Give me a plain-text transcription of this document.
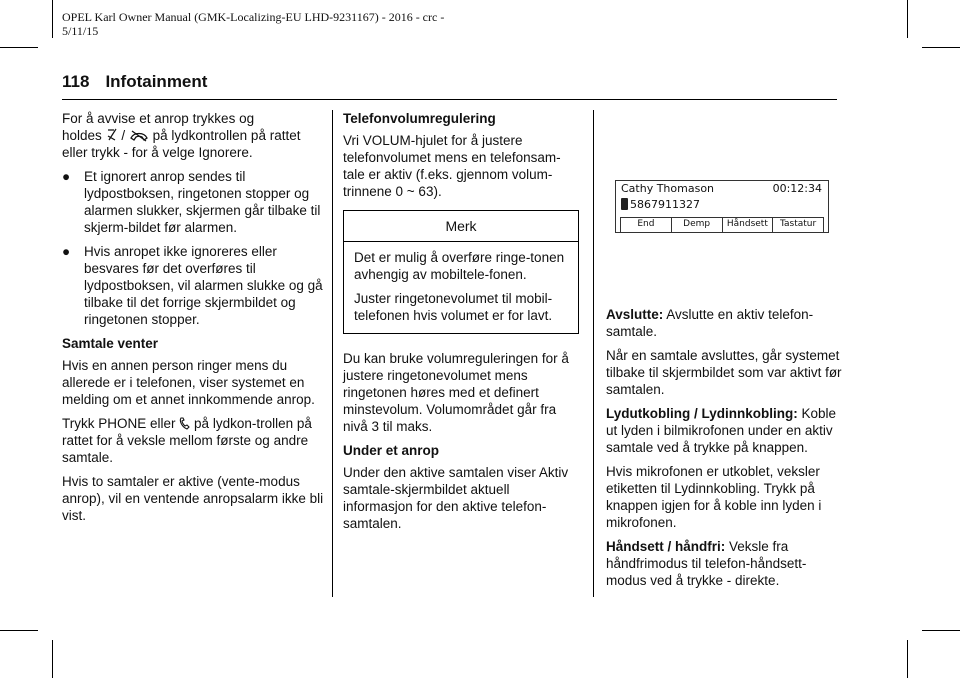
OPEL Karl Owner Manual (GMK-Localizing-EU LHD-9231167) - 2016 - crc -
5/11/15
118 Infotainment

For å avvise et anrop trykkes og
holdes / på lydkontrollen på rattet eller trykk - for å velge Ignorere.

● Et ignorert anrop sendes til lydpostboksen, ringetonen stopper og alarmen slukker, skjermen går tilbake til skjerm-bildet før alarmen.
● Hvis anropet ikke ignoreres eller besvares før det overføres til lydpostboksen, vil alarmen slukke og gå tilbake til det forrige skjermbildet og ringetonen stopper.
Samtale venter

Hvis en annen person ringer mens du allerede er i telefonen, viser systemet en melding om et annet innkommende anrop.

Trykk PHONE eller på lydkon-trollen på rattet for å veksle mellom første og andre samtale.

Hvis to samtaler er aktive (vente-modus anrop), vil en ventende anropsalarm ikke bli vist.

Telefonvolumregulering

Vri VOLUM-hjulet for å justere telefonvolumet mens en telefonsam-tale er aktiv (f.eks. gjennom volum-trinnene 0 ~ 63).

Merk

Det er mulig å overføre ringe-tonen avhengig av mobiltele-fonen.

Juster ringetonevolumet til mobil-telefonen hvis volumet er for lavt.

Du kan bruke volumreguleringen for å justere ringetonevolumet mens ringetonen høres med et definert minstevolum. Volumområdet går fra nivå 3 til maks.

Under et anrop

Under den aktive samtalen viser Aktiv samtale-skjermbildet aktuell informasjon for den aktive telefon-samtalen.

Cathy Thomason	00:12:34
5867911327
End	Demp	Håndsett	Tastatur

Avslutte: Avslutte en aktiv telefon-samtale.

Når en samtale avsluttes, går systemet tilbake til skjermbildet som var aktivt før samtalen.

Lydutkobling / Lydinnkobling: Koble ut lyden i bilmikrofonen under en aktiv samtale ved å trykke på knappen.

Hvis mikrofonen er utkoblet, veksler etiketten til Lydinnkobling. Trykk på knappen igjen for å koble inn lyden i mikrofonen.

Håndsett / håndfri: Veksle fra håndfrimodus til telefon-håndsett-modus ved å trykke - direkte.
